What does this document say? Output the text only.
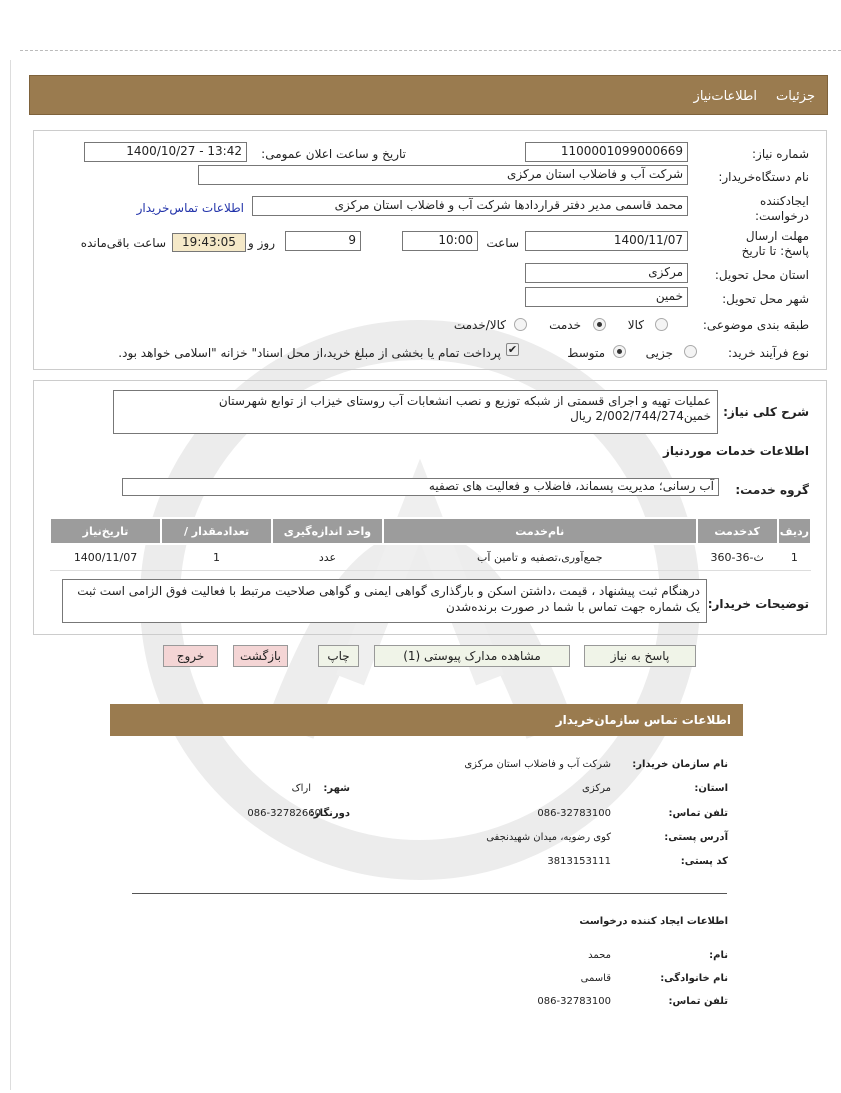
جزئیات
اطلاعات‌نیاز
شماره نیاز:
1100001099000669
تاریخ و ساعت اعلان عمومی:
1400/10/27 - 13:42
نام دستگاه‌خریدار:
شرکت آب و فاضلاب استان مرکزی
ایجادکننده درخواست:
محمد قاسمی مدیر دفتر قراردادها شرکت آب و فاضلاب استان مرکزی
اطلاعات تماس‌خریدار
مهلت ارسال پاسخ: تا تاریخ
1400/11/07
ساعت
10:00
9
روز و
19:43:05
ساعت باقی‌مانده
استان محل تحویل:
مرکزی
شهر محل تحویل:
خمین
طبقه بندی موضوعی:
کالا
خدمت
کالا/خدمت
نوع فرآیند خرید:
جزیی
متوسط
✔
پرداخت تمام یا بخشی از مبلغ خرید،از محل اسناد" خزانه "اسلامی خواهد بود.
شرح کلی نیاز:
عملیات تهیه و اجرای قسمتی از شبکه توزیع و نصب انشعابات آب روستای خیزاب از توابع شهرستان خمین2/002/744/274 ریال
اطلاعات خدمات موردنیاز
گروه خدمت:
آب رسانی؛ مدیریت پسماند، فاضلاب و فعالیت های تصفیه
ردیف	کدخدمت	نام‌خدمت	واحد اندازه‌گیری	تعدادمقدار /	تاریخ‌نیاز
1	ث-36-360	جمع‌آوری،تصفیه و تامین آب	عدد	1	1400/11/07
توضیحات خریدار:
درهنگام ثبت پیشنهاد ، قیمت ،داشتن اسکن و بارگذاری گواهی ایمنی و گواهی صلاحیت مرتبط با فعالیت فوق الزامی است ثبت یک شماره جهت تماس با شما در صورت برنده‌شدن
پاسخ به نیاز
مشاهده مدارک پیوستی (1)
چاپ
بازگشت
خروج
اطلاعات تماس سازمان‌خریدار
نام سازمان خریدار:
شرکت آب و فاضلاب استان مرکزی
استان:
مرکزی
شهر:
اراک
تلفن تماس:
086-32783100
دورنگار:
086-32782660
آدرس پستی:
کوی رضویه، میدان شهیدنجفی
کد پستی:
3813153111
اطلاعات ایجاد کننده درخواست
نام:
محمد
نام خانوادگی:
قاسمی
تلفن تماس:
086-32783100
